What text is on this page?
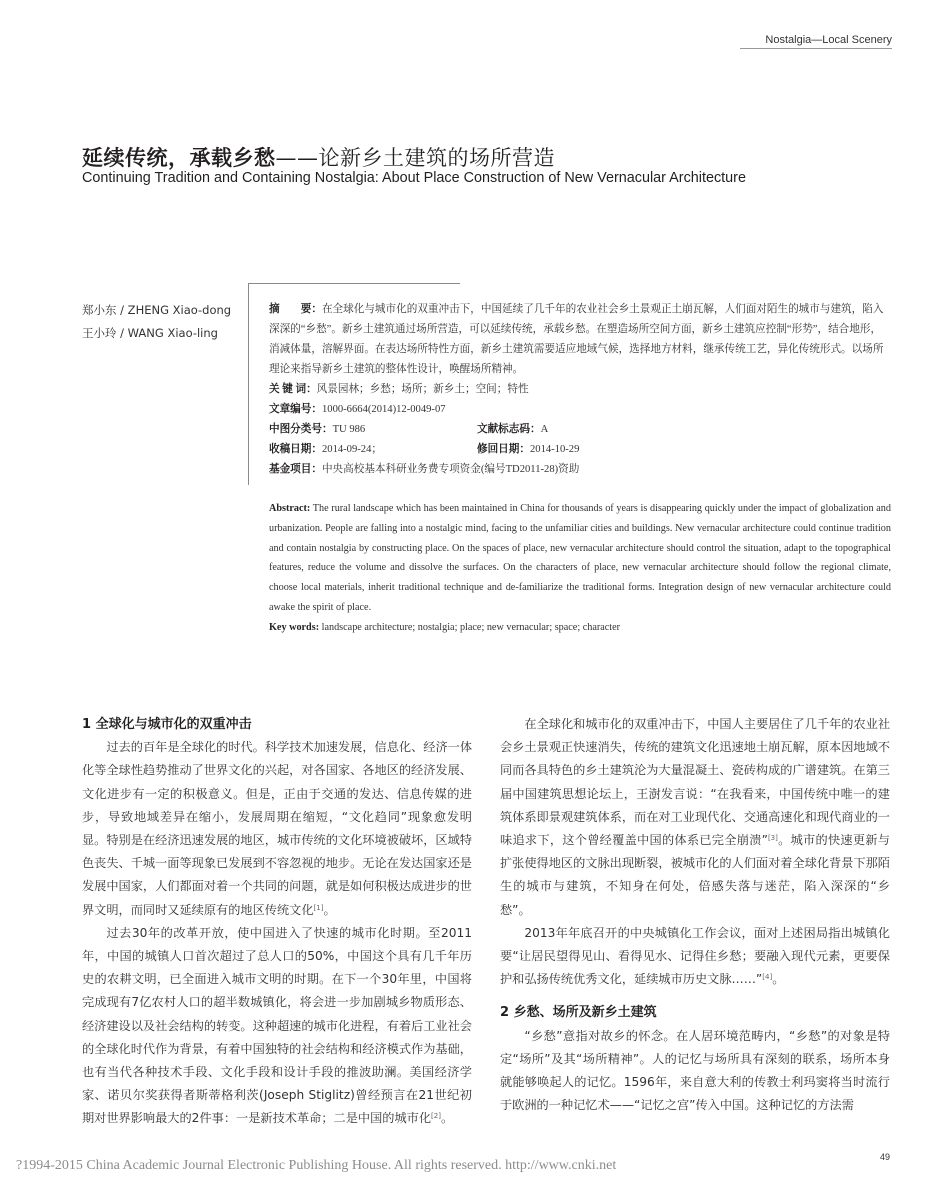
Nostalgia—Local Scenery
延续传统，承载乡愁——论新乡土建筑的场所营造
Continuing Tradition and Containing Nostalgia: About Place Construction of New Vernacular Architecture
郑小东 / ZHENG Xiao-dong
王小玲 / WANG Xiao-ling

摘　　要：在全球化与城市化的双重冲击下，中国延续了几千年的农业社会乡土景观正土崩瓦解，人们面对陌生的城市与建筑，陷入深深的“乡愁”。新乡土建筑通过场所营造，可以延续传统，承载乡愁。在塑造场所空间方面，新乡土建筑应控制“形势”，结合地形，消减体量，溶解界面。在表达场所特性方面，新乡土建筑需要适应地域气候，选择地方材料，继承传统工艺，异化传统形式。以场所理论来指导新乡土建筑的整体性设计，唤醒场所精神。

关 键 词：风景园林；乡愁；场所；新乡土；空间；特性
文章编号：1000-6664(2014)12-0049-07
中图分类号：TU 986	文献标志码：A
收稿日期：2014-09-24；	修回日期：2014-10-29
基金项目：中央高校基本科研业务费专项资金(编号TD2011-28)资助

Abstract: The rural landscape which has been maintained in China for thousands of years is disappearing quickly under the impact of globalization and urbanization. People are falling into a nostalgic mind, facing to the unfamiliar cities and buildings. New vernacular architecture could continue tradition and contain nostalgia by constructing place. On the spaces of place, new vernacular architecture should control the situation, adapt to the topographical features, reduce the volume and dissolve the surfaces. On the characters of place, new vernacular architecture should follow the regional climate, choose local materials, inherit traditional technique and de-familiarize the traditional forms. Integration design of new vernacular architecture could awake the spirit of place.

Key words: landscape architecture; nostalgia; place; new vernacular; space; character

1 全球化与城市化的双重冲击

过去的百年是全球化的时代。科学技术加速发展，信息化、经济一体化等全球性趋势推动了世界文化的兴起，对各国家、各地区的经济发展、文化进步有一定的积极意义。但是，正由于交通的发达、信息传媒的进步，导致地域差异在缩小，发展周期在缩短，“文化趋同”现象愈发明显。特别是在经济迅速发展的地区，城市传统的文化环境被破坏，区域特色丧失、千城一面等现象已发展到不容忽视的地步。无论在发达国家还是发展中国家，人们都面对着一个共同的问题，就是如何积极达成进步的世界文明，而同时又延续原有的地区传统文化[1]。

过去30年的改革开放，使中国进入了快速的城市化时期。至2011年，中国的城镇人口首次超过了总人口的50%，中国这个具有几千年历史的农耕文明，已全面进入城市文明的时期。在下一个30年里，中国将完成现有7亿农村人口的超半数城镇化，将会进一步加剧城乡物质形态、经济建设以及社会结构的转变。这种超速的城市化进程，有着后工业社会的全球化时代作为背景，有着中国独特的社会结构和经济模式作为基础，也有当代各种技术手段、文化手段和设计手段的推波助澜。美国经济学家、诺贝尔奖获得者斯蒂格利茨(Joseph Stiglitz)曾经预言在21世纪初期对世界影响最大的2件事：一是新技术革命；二是中国的城市化[2]。

在全球化和城市化的双重冲击下，中国人主要居住了几千年的农业社会乡土景观正快速消失，传统的建筑文化迅速地土崩瓦解，原本因地域不同而各具特色的乡土建筑沦为大量混凝土、瓷砖构成的广谱建筑。在第三届中国建筑思想论坛上，王澍发言说：“在我看来，中国传统中唯一的建筑体系即景观建筑体系，而在对工业现代化、交通高速化和现代商业的一味追求下，这个曾经覆盖中国的体系已完全崩溃”[3]。城市的快速更新与扩张使得地区的文脉出现断裂，被城市化的人们面对着全球化背景下那陌生的城市与建筑，不知身在何处，倍感失落与迷茫，陷入深深的“乡愁”。

2013年年底召开的中央城镇化工作会议，面对上述困局指出城镇化要“让居民望得见山、看得见水、记得住乡愁；要融入现代元素，更要保护和弘扬传统优秀文化，延续城市历史文脉……”[4]。

2 乡愁、场所及新乡土建筑

“乡愁”意指对故乡的怀念。在人居环境范畴内，“乡愁”的对象是特定“场所”及其“场所精神”。人的记忆与场所具有深刻的联系，场所本身就能够唤起人的记忆。1596年，来自意大利的传教士利玛窦将当时流行于欧洲的一种记忆术——“记忆之宫”传入中国。这种记忆的方法需

49
?1994-2015 China Academic Journal Electronic Publishing House. All rights reserved. http://www.cnki.net
